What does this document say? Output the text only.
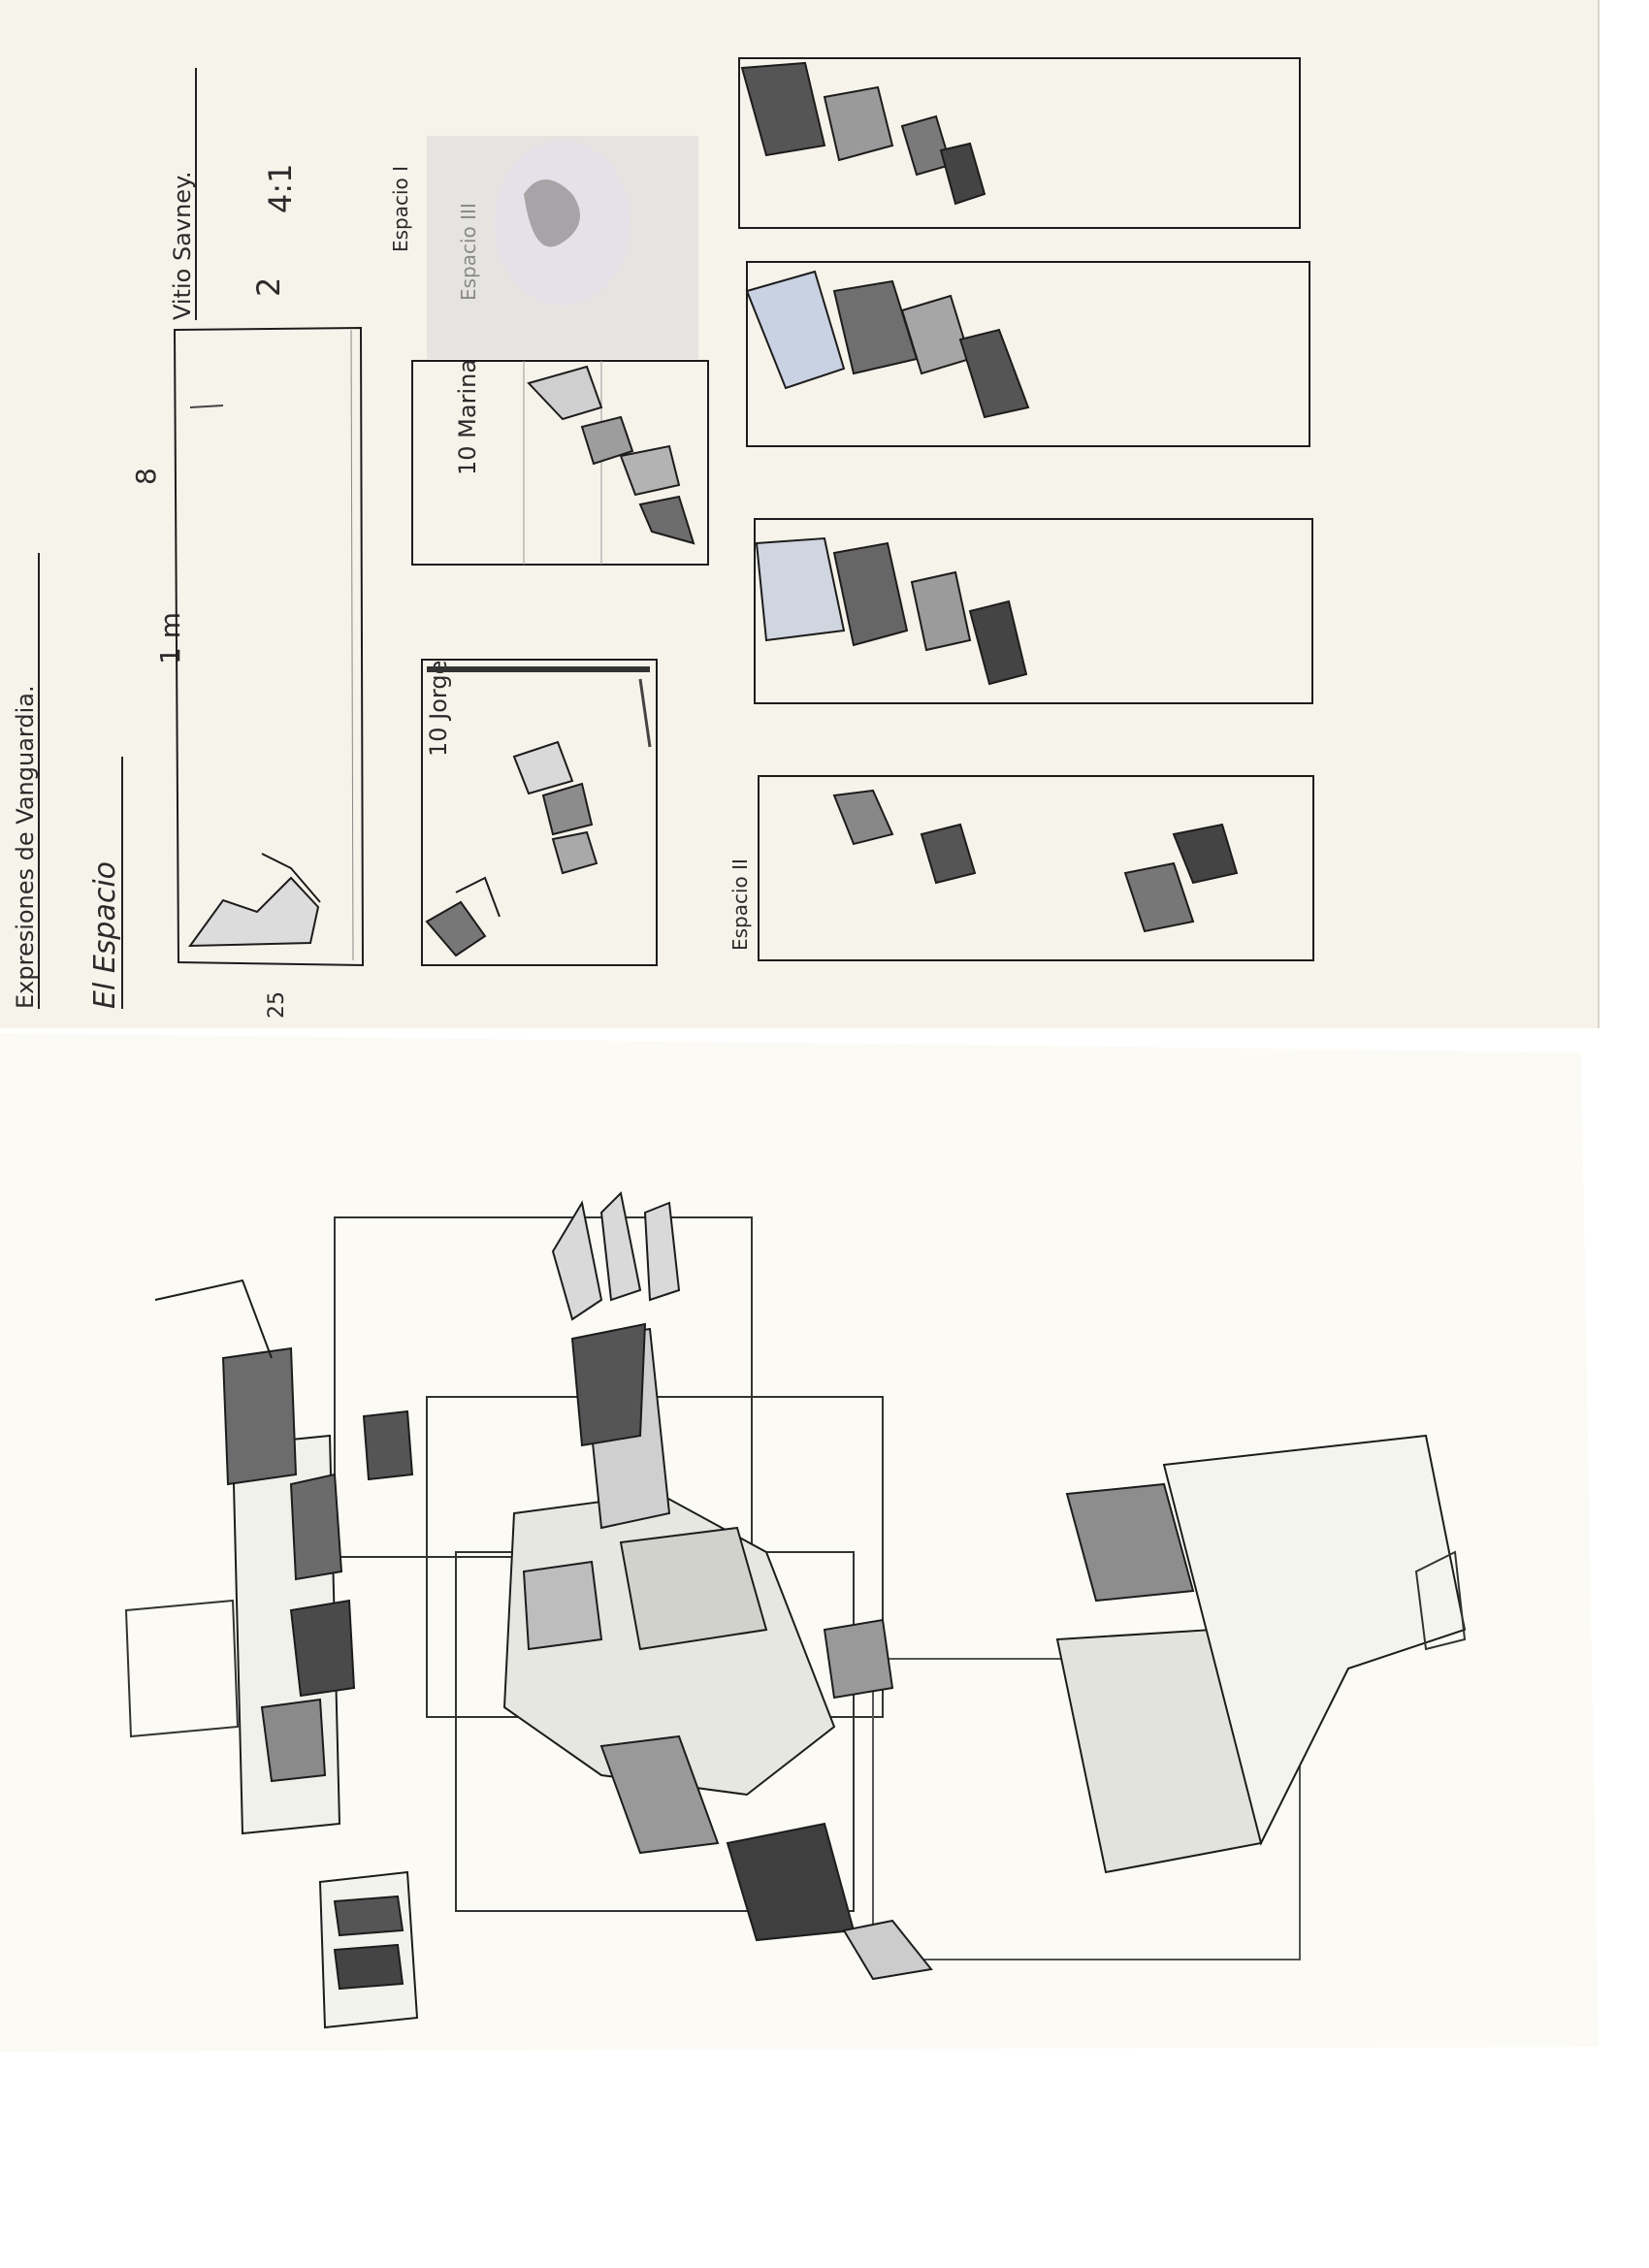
Expresiones de Vanguardia. El Espacio	25
1 m
8
Vitio Savney. 4:1
2
Espacio I
10 Marina
10 Jorge
Espacio II
